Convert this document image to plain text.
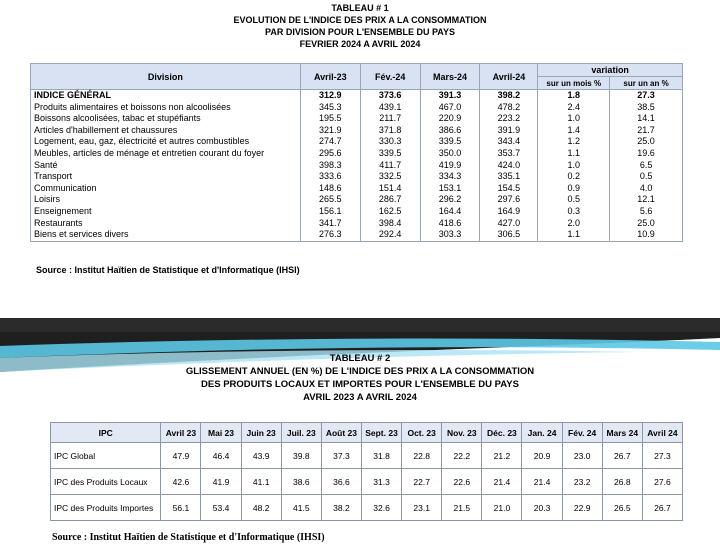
TABLEAU # 1
EVOLUTION DE L'INDICE DES PRIX A LA CONSOMMATION
PAR DIVISION POUR L'ENSEMBLE DU PAYS
FEVRIER 2024 A AVRIL 2024
Division	Avril-23	Fév.-24	Mars-24	Avril-24	variation	
					sur un mois %	sur un an %
INDICE GÉNÉRAL	312.9	373.6	391.3	398.2	1.8	27.3
Produits alimentaires et boissons non alcoolisées	345.3	439.1	467.0	478.2	2.4	38.5
Boissons alcoolisées, tabac et stupéfiants	195.5	211.7	220.9	223.2	1.0	14.1
Articles d'habillement et chaussures	321.9	371.8	386.6	391.9	1.4	21.7
Logement, eau, gaz, électricité et autres combustibles	274.7	330.3	339.5	343.4	1.2	25.0
Meubles, articles de ménage et entretien courant du foyer	295.6	339.5	350.0	353.7	1.1	19.6
Santé	398.3	411.7	419.9	424.0	1.0	6.5
Transport	333.6	332.5	334.3	335.1	0.2	0.5
Communication	148.6	151.4	153.1	154.5	0.9	4.0
Loisirs	265.5	286.7	296.2	297.6	0.5	12.1
Enseignement	156.1	162.5	164.4	164.9	0.3	5.6
Restaurants	341.7	398.4	418.6	427.0	2.0	25.0
Biens et services divers	276.3	292.4	303.3	306.5	1.1	10.9
Source : Institut Haïtien de Statistique et d'Informatique (IHSI)
TABLEAU # 2
GLISSEMENT ANNUEL (EN %) DE L'INDICE DES PRIX A LA CONSOMMATION
DES PRODUITS LOCAUX ET IMPORTES POUR L'ENSEMBLE DU PAYS
AVRIL 2023 A AVRIL 2024
IPC	Avril 23	Mai 23	Juin 23	Juil. 23	Août 23	Sept. 23	Oct. 23	Nov. 23	Déc. 23	Jan. 24	Fév. 24	Mars 24	Avril 24
IPC Global	47.9	46.4	43.9	39.8	37.3	31.8	22.8	22.2	21.2	20.9	23.0	26.7	27.3
IPC des Produits Locaux	42.6	41.9	41.1	38.6	36.6	31.3	22.7	22.6	21.4	21.4	23.2	26.8	27.6
IPC des Produits Importes	56.1	53.4	48.2	41.5	38.2	32.6	23.1	21.5	21.0	20.3	22.9	26.5	26.7
Source : Institut Haïtien de Statistique et d'Informatique (IHSI)
